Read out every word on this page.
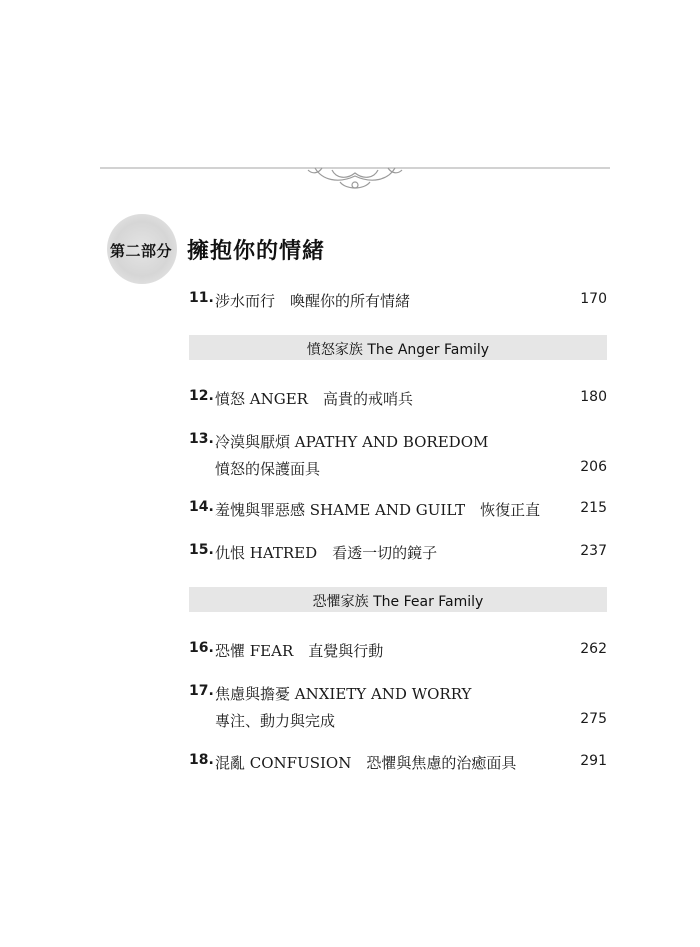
第二部分 擁抱你的情緒
11. 涉水而行　喚醒你的所有情緒	170
憤怒家族 The Anger Family
12. 憤怒 ANGER　高貴的戒哨兵	180
13. 冷漠與厭煩 APATHY AND BOREDOM
憤怒的保護面具	206
14. 羞愧與罪惡感 SHAME AND GUILT　恢復正直	215
15. 仇恨 HATRED　看透一切的鏡子	237
恐懼家族 The Fear Family
16. 恐懼 FEAR　直覺與行動	262
17. 焦慮與擔憂 ANXIETY AND WORRY
專注、動力與完成	275
18. 混亂 CONFUSION　恐懼與焦慮的治癒面具	291
